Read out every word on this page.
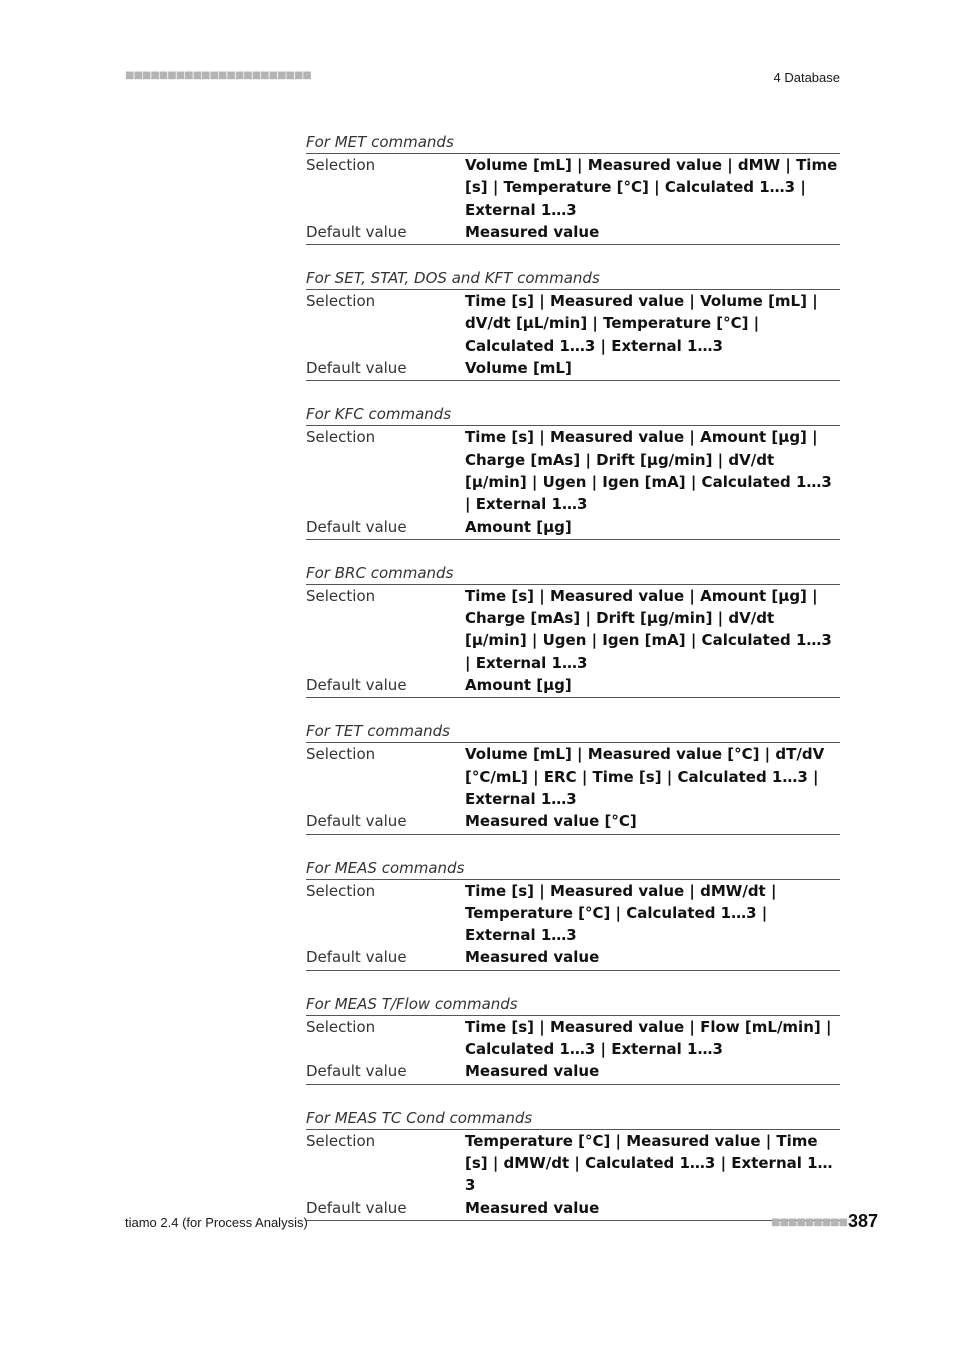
■■■■■■■■■■■■■■■■■■■■■■	4 Database
For MET commands
Selection	Volume [mL] | Measured value | dMW | Time [s] | Temperature [°C] | Calculated 1…3 | External 1…3
Default value	Measured value
For SET, STAT, DOS and KFT commands
Selection	Time [s] | Measured value | Volume [mL] | dV/dt [µL/min] | Temperature [°C] | Calculated 1…3 | External 1…3
Default value	Volume [mL]
For KFC commands
Selection	Time [s] | Measured value | Amount [µg] | Charge [mAs] | Drift [µg/min] | dV/dt [µ/min] | Ugen | Igen [mA] | Calculated 1…3 | External 1…3
Default value	Amount [µg]
For BRC commands
Selection	Time [s] | Measured value | Amount [µg] | Charge [mAs] | Drift [µg/min] | dV/dt [µ/min] | Ugen | Igen [mA] | Calculated 1…3 | External 1…3
Default value	Amount [µg]
For TET commands
Selection	Volume [mL] | Measured value [°C] | dT/dV [°C/mL] | ERC | Time [s] | Calculated 1…3 | External 1…3
Default value	Measured value [°C]
For MEAS commands
Selection	Time [s] | Measured value | dMW/dt | Temperature [°C] | Calculated 1…3 | External 1…3
Default value	Measured value
For MEAS T/Flow commands
Selection	Time [s] | Measured value | Flow [mL/min] | Calculated 1…3 | External 1…3
Default value	Measured value
For MEAS TC Cond commands
Selection	Temperature [°C] | Measured value | Time [s] | dMW/dt | Calculated 1…3 | External 1…3
Default value	Measured value
tiamo 2.4 (for Process Analysis)	■■■■■■■■■ 387
